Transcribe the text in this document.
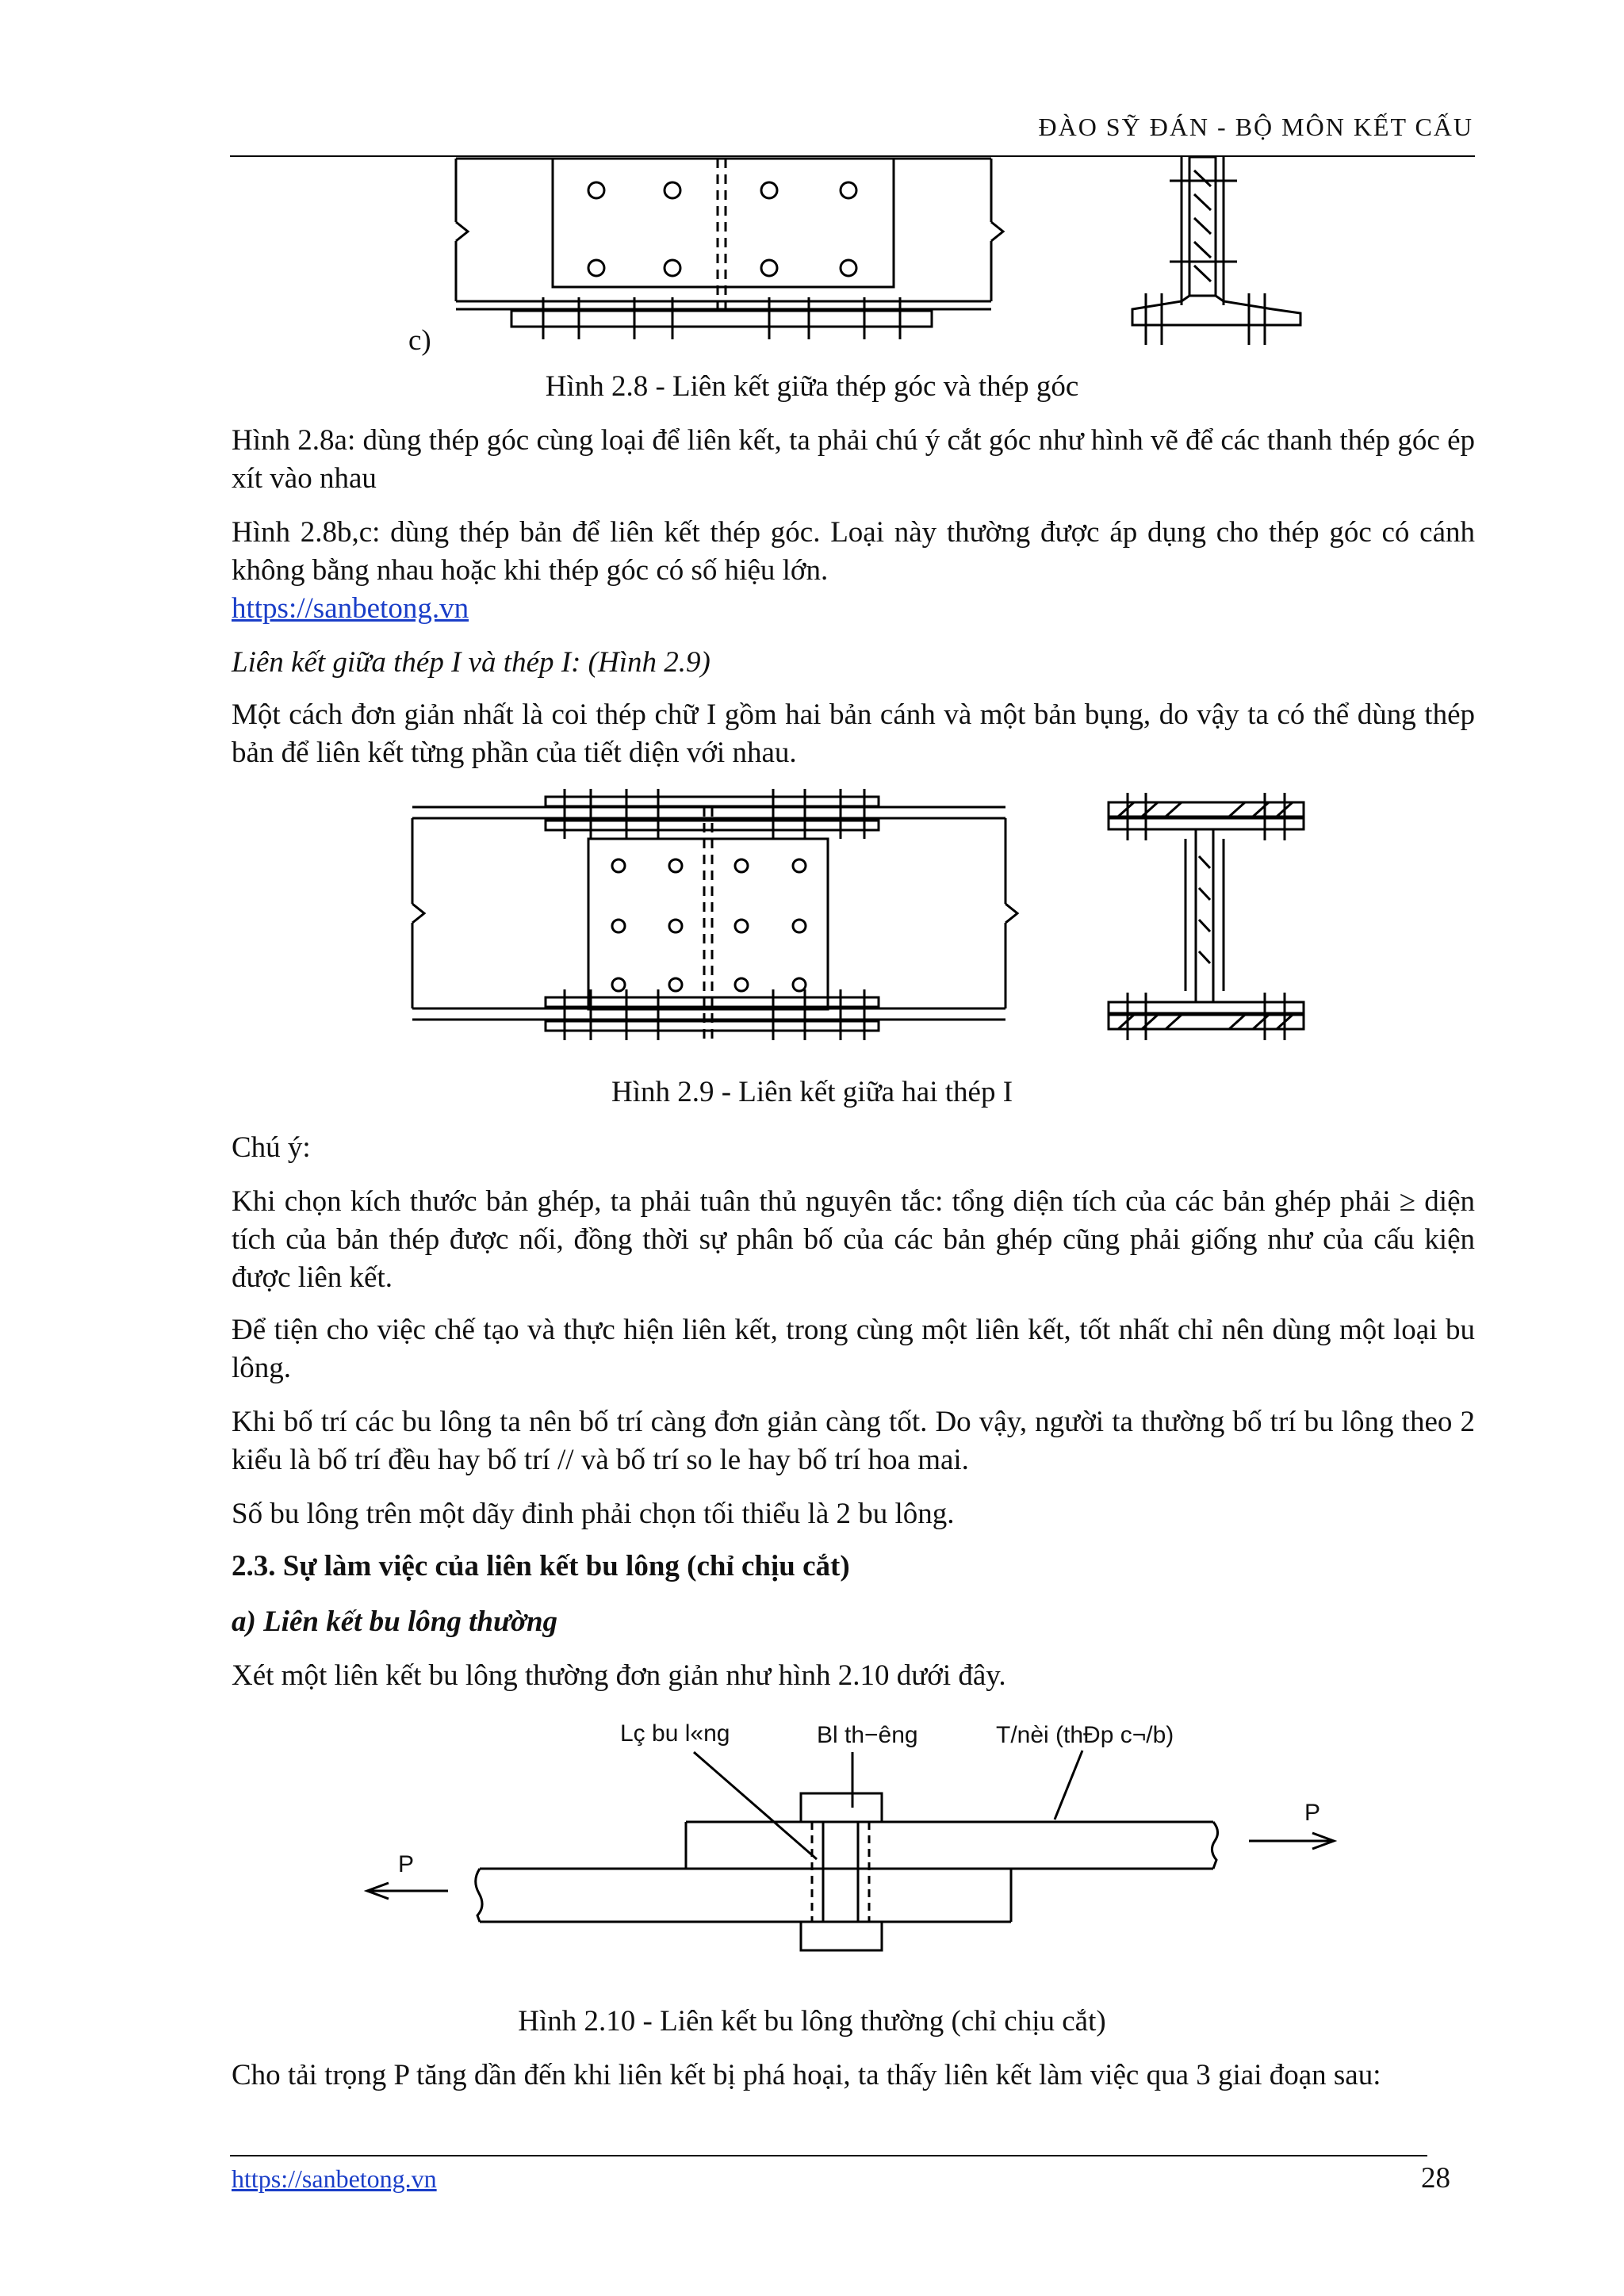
ĐÀO SỸ ĐÁN - BỘ MÔN KẾT CẤU
c)
Hình 2.8 - Liên kết giữa thép góc và thép góc
Hình 2.8a: dùng thép góc cùng loại để liên kết, ta phải chú ý cắt góc như hình vẽ để các thanh thép góc ép xít vào nhau
Hình 2.8b,c: dùng thép bản để liên kết thép góc. Loại này thường được áp dụng cho thép góc có cánh không bằng nhau hoặc khi thép góc có số hiệu lớn.
https://sanbetong.vn
Liên kết giữa thép I và thép I: (Hình 2.9)
Một cách đơn giản nhất là coi thép chữ I gồm hai bản cánh và một bản bụng, do vậy ta có thể dùng thép bản để liên kết từng phần của tiết diện với nhau.
Hình 2.9 - Liên kết giữa hai thép I
Chú ý:
Khi chọn kích thước bản ghép, ta phải tuân thủ nguyên tắc: tổng diện tích của các bản ghép phải ≥ diện tích của bản thép được nối, đồng thời sự phân bố của các bản ghép cũng phải giống như của cấu kiện được liên kết.
Để tiện cho việc chế tạo và thực hiện liên kết, trong cùng một liên kết, tốt nhất chỉ nên dùng một loại bu lông.
Khi bố trí các bu lông ta nên bố trí càng đơn giản càng tốt. Do vậy, người ta thường bố trí bu lông theo 2 kiểu là bố trí đều hay bố trí // và bố trí so le hay bố trí hoa mai.
Số bu lông trên một dãy đinh phải chọn tối thiểu là 2 bu lông.
2.3. Sự làm việc của liên kết bu lông (chỉ chịu cắt)
a) Liên kết bu lông thường
Xét một liên kết bu lông thường đơn giản như hình 2.10 dưới đây.
Lç bu l«ng	Bl th−êng	T/nèi (thÐp c¬/b)
P
P
Hình 2.10 - Liên kết bu lông thường (chỉ chịu cắt)
Cho tải trọng P tăng dần đến khi liên kết bị phá hoại, ta thấy liên kết làm việc qua 3 giai đoạn sau:
https://sanbetong.vn	28
